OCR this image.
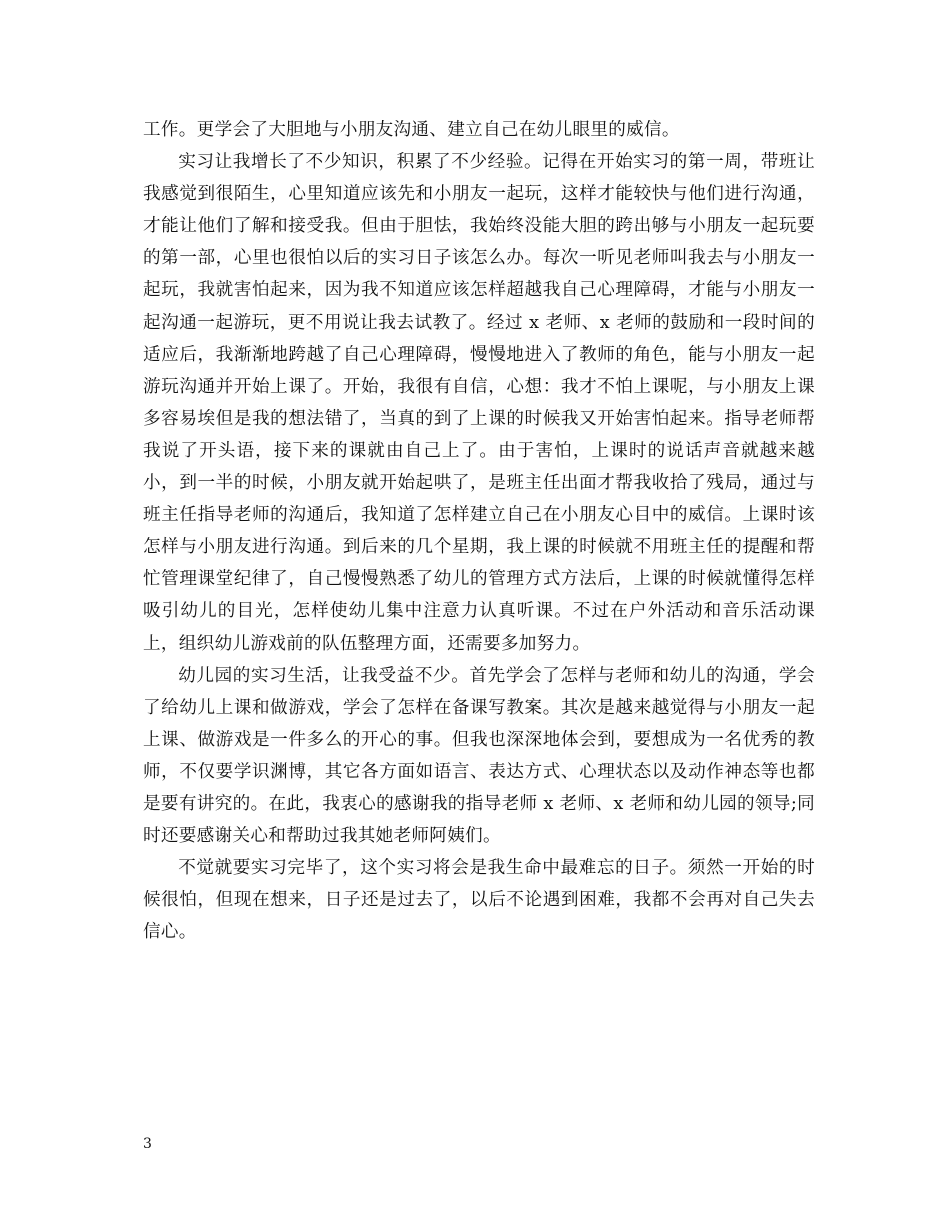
工作。更学会了大胆地与小朋友沟通、建立自己在幼儿眼里的威信。

实习让我增长了不少知识，积累了不少经验。记得在开始实习的第一周，带班让我感觉到很陌生，心里知道应该先和小朋友一起玩，这样才能较快与他们进行沟通，才能让他们了解和接受我。但由于胆怯，我始终没能大胆的跨出够与小朋友一起玩要的第一部，心里也很怕以后的实习日子该怎么办。每次一听见老师叫我去与小朋友一起玩，我就害怕起来，因为我不知道应该怎样超越我自己心理障碍，才能与小朋友一起沟通一起游玩，更不用说让我去试教了。经过 x 老师、x 老师的鼓励和一段时间的适应后，我渐渐地跨越了自己心理障碍，慢慢地进入了教师的角色，能与小朋友一起游玩沟通并开始上课了。开始，我很有自信，心想：我才不怕上课呢，与小朋友上课多容易埃但是我的想法错了，当真的到了上课的时候我又开始害怕起来。指导老师帮我说了开头语，接下来的课就由自己上了。由于害怕，上课时的说话声音就越来越小，到一半的时候，小朋友就开始起哄了，是班主任出面才帮我收拾了残局，通过与班主任指导老师的沟通后，我知道了怎样建立自己在小朋友心目中的威信。上课时该怎样与小朋友进行沟通。到后来的几个星期，我上课的时候就不用班主任的提醒和帮忙管理课堂纪律了，自己慢慢熟悉了幼儿的管理方式方法后，上课的时候就懂得怎样吸引幼儿的目光，怎样使幼儿集中注意力认真听课。不过在户外活动和音乐活动课上，组织幼儿游戏前的队伍整理方面，还需要多加努力。

幼儿园的实习生活，让我受益不少。首先学会了怎样与老师和幼儿的沟通，学会了给幼儿上课和做游戏，学会了怎样在备课写教案。其次是越来越觉得与小朋友一起上课、做游戏是一件多么的开心的事。但我也深深地体会到，要想成为一名优秀的教师，不仅要学识渊博，其它各方面如语言、表达方式、心理状态以及动作神态等也都是要有讲究的。在此，我衷心的感谢我的指导老师 x 老师、x 老师和幼儿园的领导;同时还要感谢关心和帮助过我其她老师阿姨们。

不觉就要实习完毕了，这个实习将会是我生命中最难忘的日子。须然一开始的时候很怕，但现在想来，日子还是过去了，以后不论遇到困难，我都不会再对自己失去信心。

3
